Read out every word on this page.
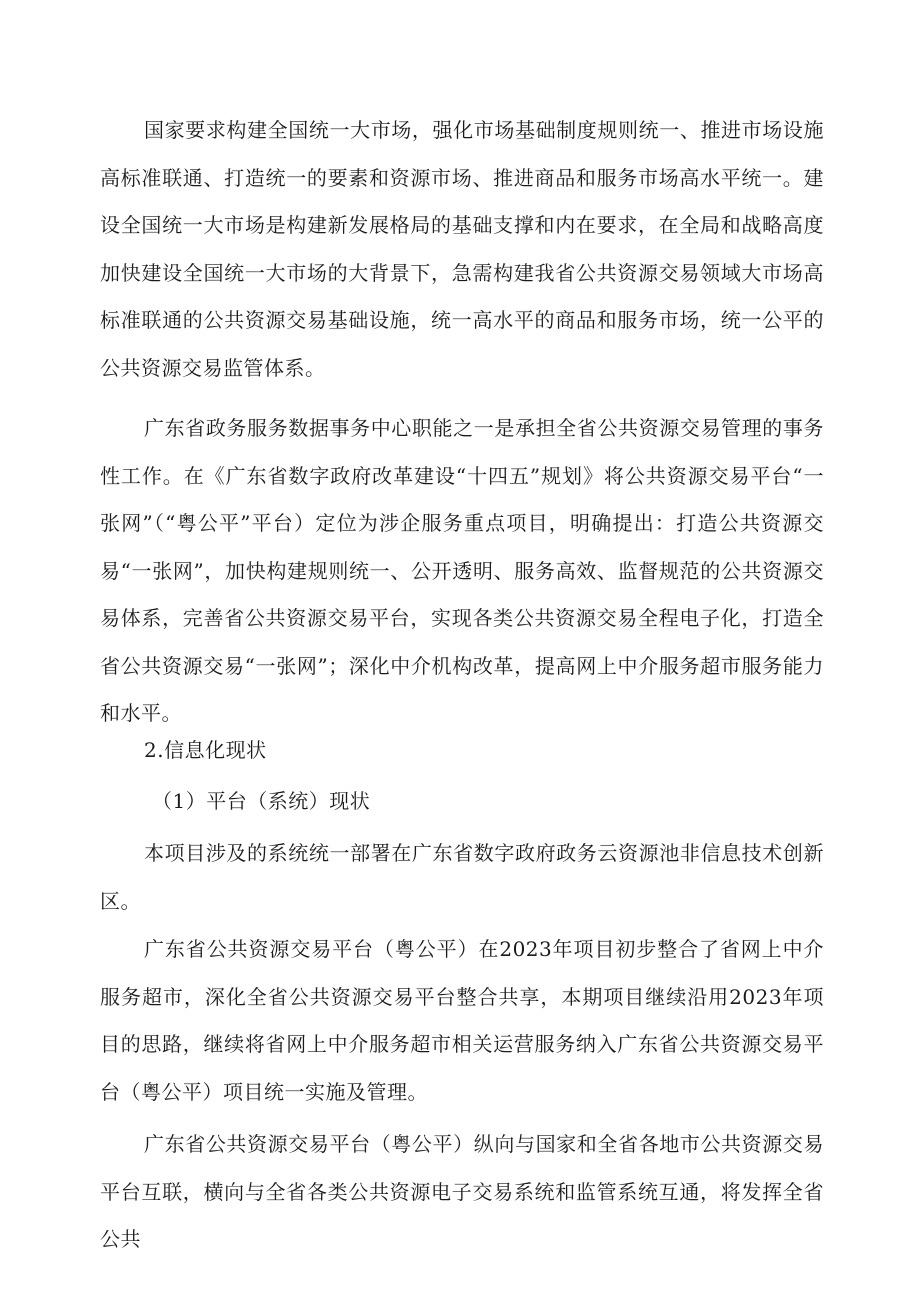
国家要求构建全国统一大市场，强化市场基础制度规则统一、推进市场设施高标准联通、打造统一的要素和资源市场、推进商品和服务市场高水平统一。建设全国统一大市场是构建新发展格局的基础支撑和内在要求，在全局和战略高度加快建设全国统一大市场的大背景下，急需构建我省公共资源交易领域大市场高标准联通的公共资源交易基础设施，统一高水平的商品和服务市场，统一公平的公共资源交易监管体系。

广东省政务服务数据事务中心职能之一是承担全省公共资源交易管理的事务性工作。在《广东省数字政府改革建设“十四五”规划》将公共资源交易平台“一张网”（“粤公平”平台）定位为涉企服务重点项目，明确提出：打造公共资源交易“一张网”，加快构建规则统一、公开透明、服务高效、监督规范的公共资源交易体系，完善省公共资源交易平台，实现各类公共资源交易全程电子化，打造全省公共资源交易“一张网”；深化中介机构改革，提高网上中介服务超市服务能力和水平。

2.信息化现状

（1）平台（系统）现状

本项目涉及的系统统一部署在广东省数字政府政务云资源池非信息技术创新区。

广东省公共资源交易平台（粤公平）在2023年项目初步整合了省网上中介服务超市，深化全省公共资源交易平台整合共享，本期项目继续沿用2023年项目的思路，继续将省网上中介服务超市相关运营服务纳入广东省公共资源交易平台（粤公平）项目统一实施及管理。

广东省公共资源交易平台（粤公平）纵向与国家和全省各地市公共资源交易平台互联，横向与全省各类公共资源电子交易系统和监管系统互通，将发挥全省公共
